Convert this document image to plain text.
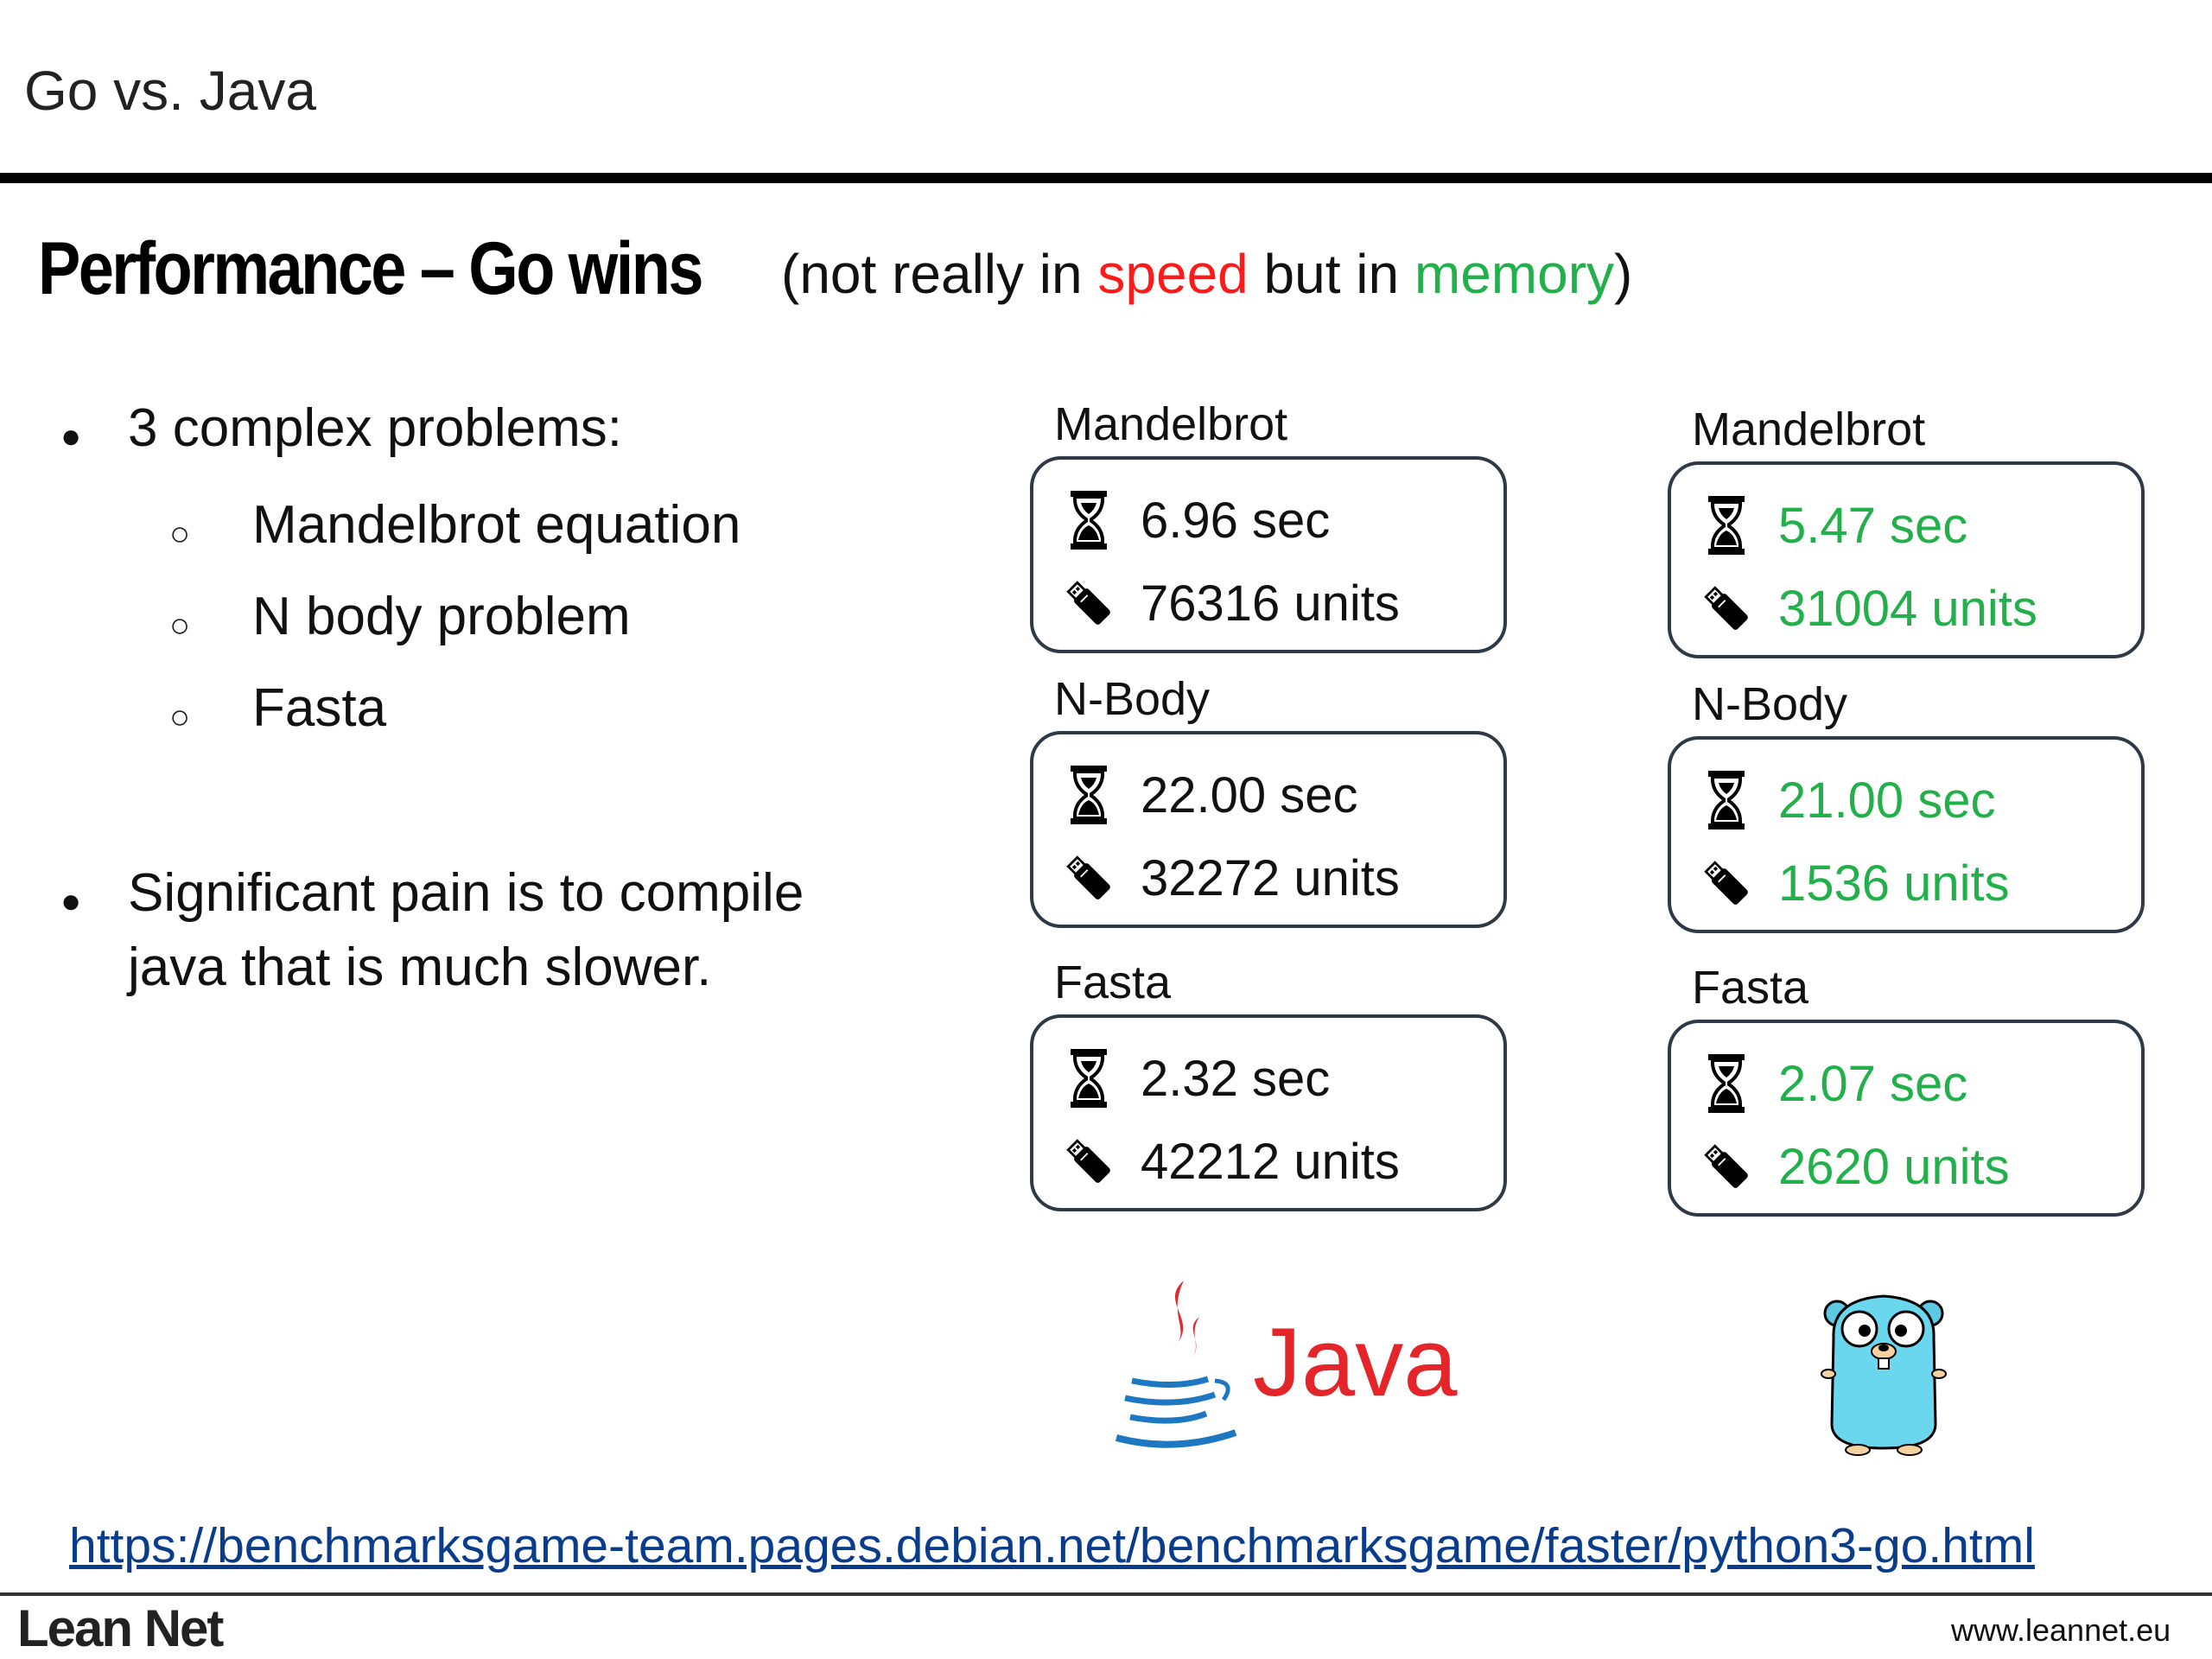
Go vs. Java
Performance – Go wins	(not really in speed but in memory)
● 3 complex problems:
○ Mandelbrot equation
○ N body problem
○ Fasta
● Significant pain is to compile
java that is much slower.
Mandelbrot
6.96 sec
76316 units
N-Body
22.00 sec
32272 units
Fasta
2.32 sec
42212 units
Mandelbrot
5.47 sec
31004 units
N-Body
21.00 sec
1536 units
Fasta
2.07 sec
2620 units
Java
https://benchmarksgame-team.pages.debian.net/benchmarksgame/faster/python3-go.html
Lean Net	www.leannet.eu
